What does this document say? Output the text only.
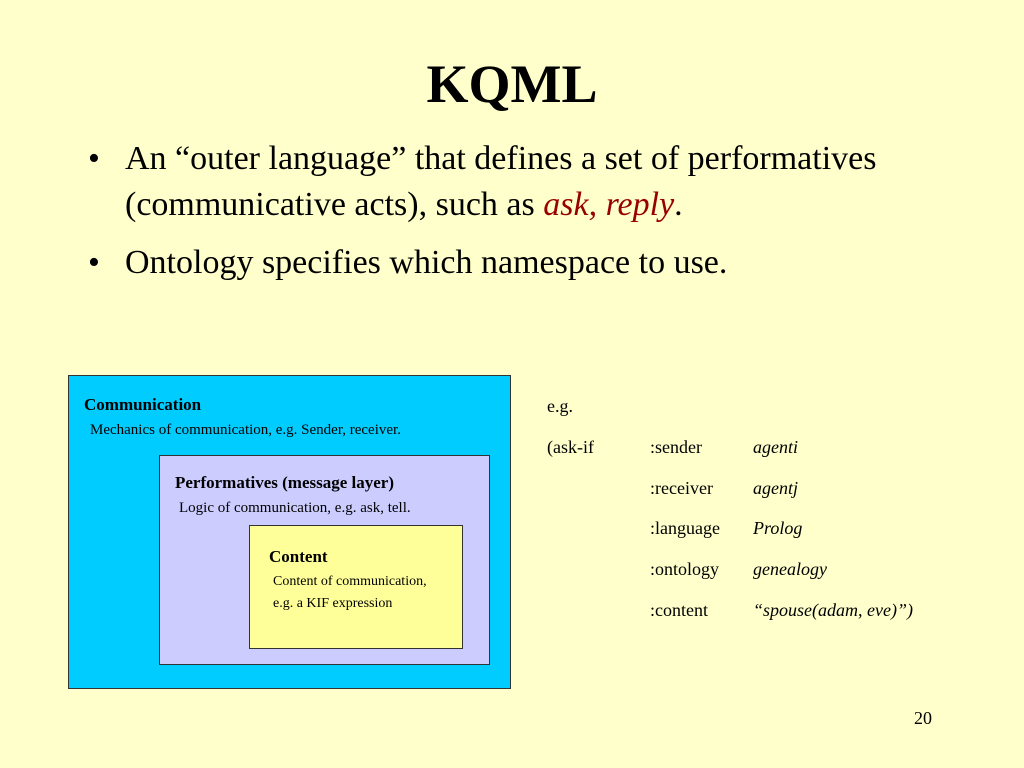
KQML
• An “outer language” that defines a set of performatives (communicative acts), such as ask, reply.
• Ontology specifies which namespace to use.
Communication
Mechanics of communication, e.g. Sender, receiver.
Performatives (message layer)
Logic of communication, e.g. ask, tell.
Content
Content of communication,
e.g. a KIF expression
e.g.
(ask-if	:sender	agenti
:receiver agentj
:language Prolog
:ontology genealogy
:content	“spouse(adam, eve)”)
20
